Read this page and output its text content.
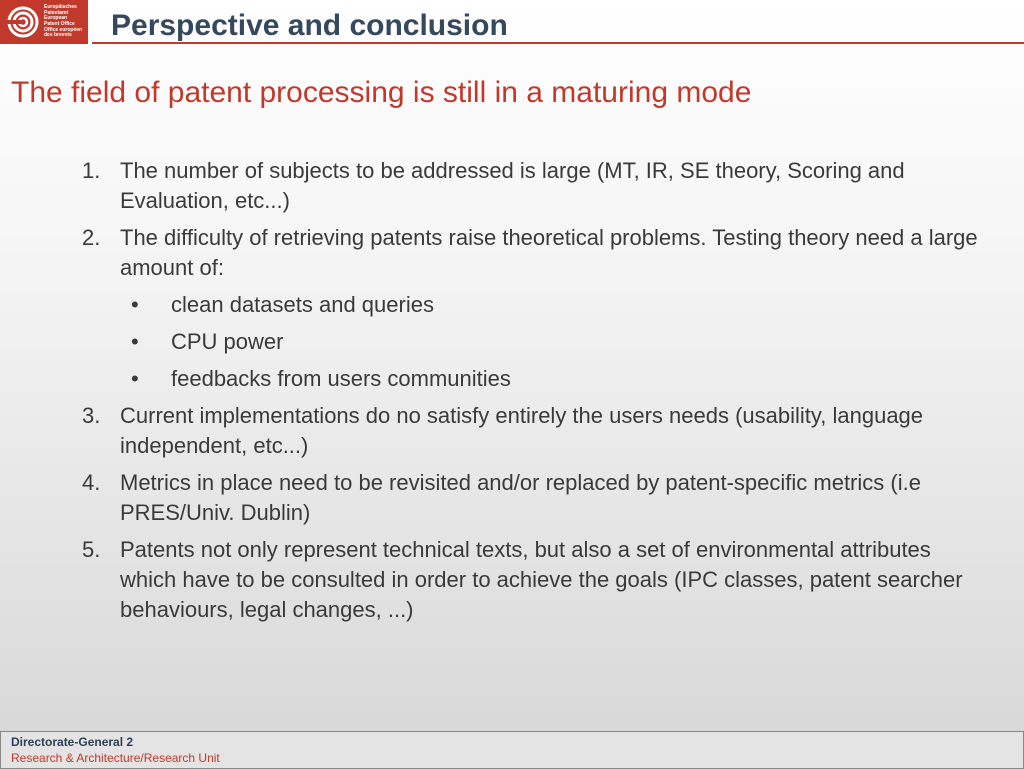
Europäisches
Patentamt
European
Patent Office
Office européen
des brevets	Perspective and conclusion
The field of patent processing is still in a maturing mode
1. The number of subjects to be addressed is large (MT, IR, SE theory, Scoring and Evaluation, etc...)
2. The difficulty of retrieving patents raise theoretical problems. Testing theory need a large amount of:
•	clean datasets and queries
•	CPU power
•	feedbacks from users communities
3. Current implementations do no satisfy entirely the users needs (usability, language independent, etc...)
4. Metrics in place need to be revisited and/or replaced by patent-specific metrics (i.e PRES/Univ. Dublin)
5. Patents not only represent technical texts, but also a set of environmental attributes which have to be consulted in order to achieve the goals (IPC classes, patent searcher behaviours, legal changes, ...)
Directorate-General 2
Research & Architecture/Research Unit
